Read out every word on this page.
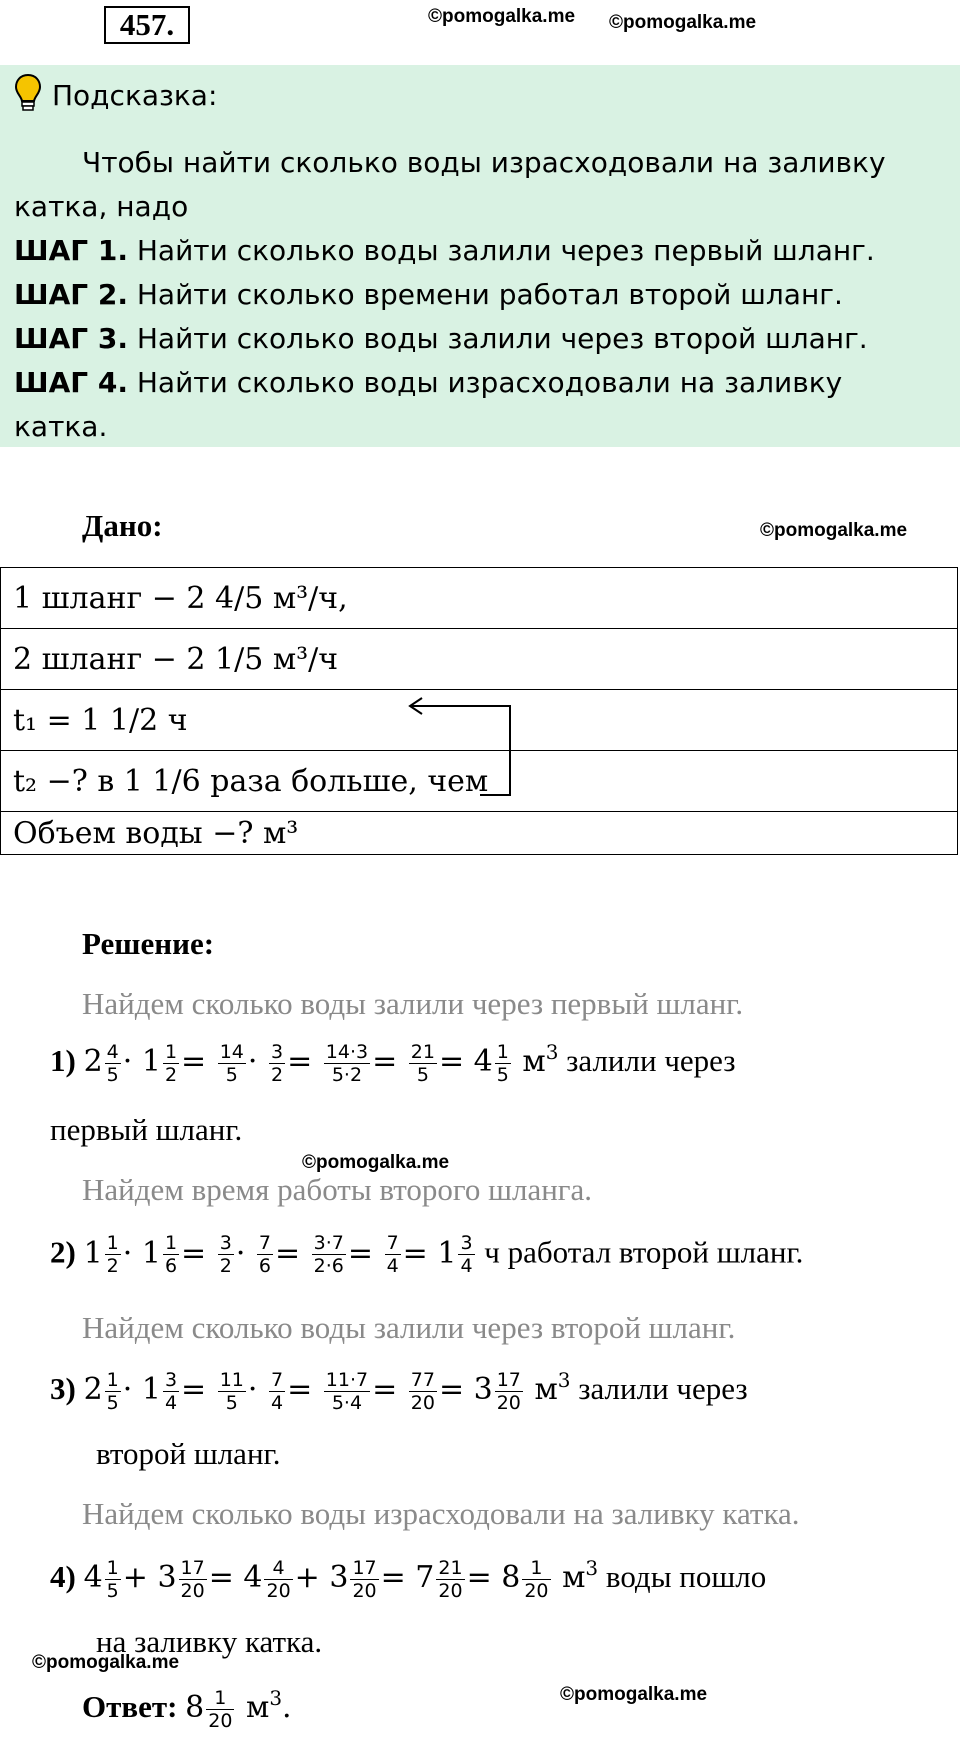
457.	©pomogalka.me ©pomogalka.me
Подсказка:
Чтобы найти сколько воды израсходовали на заливку
катка, надо
ШАГ 1. Найти сколько воды залили через первый шланг.
ШАГ 2. Найти сколько времени работал второй шланг.
ШАГ 3. Найти сколько воды залили через второй шланг.
ШАГ 4. Найти сколько воды израсходовали на заливку катка.
Дано:	©pomogalka.me
1 шланг − 2 4/5 м³/ч,
2 шланг − 2 1/5 м³/ч
t₁ = 1 1/2 ч
t₂ −? в 1 1/6 раза больше, чем
Объем воды −? м³
Решение:
Найдем сколько воды залили через первый шланг.
1) $2 \frac{4}{5} \cdot 1 \frac{1}{2} = \frac{14}{5} \cdot \frac{3}{2} = \frac{14\cdot 3}{5\cdot 2} = \frac{21}{5} = 4 \frac{1}{5} м^3$ залили через
первый шланг.
©pomogalka.me
Найдем время работы второго шланга.
2) $1 \frac{1}{2} \cdot 1 \frac{1}{6} = \frac{3}{2} \cdot \frac{7}{6} = \frac{3\cdot 7}{2\cdot 6} = \frac{7}{4} = 1 \frac{3}{4}$ ч работал второй шланг.
Найдем сколько воды залили через второй шланг.
3) $2 \frac{1}{5} \cdot 1 \frac{3}{4} = \frac{11}{5} \cdot \frac{7}{4} = \frac{11\cdot 7}{5\cdot 4} = \frac{77}{20} = 3 \frac{17}{20} м^3$ залили через
второй шланг.
Найдем сколько воды израсходовали на заливку катка.
4) $4 \frac{1}{5} + 3 \frac{17}{20} = 4 \frac{4}{20} + 3 \frac{17}{20} = 7 \frac{21}{20} = 8 \frac{1}{20} м^3$ воды пошло
на заливку катка.
©pomogalka.me
Ответ: $8 \frac{1}{20} м^3$.	©pomogalka.me
